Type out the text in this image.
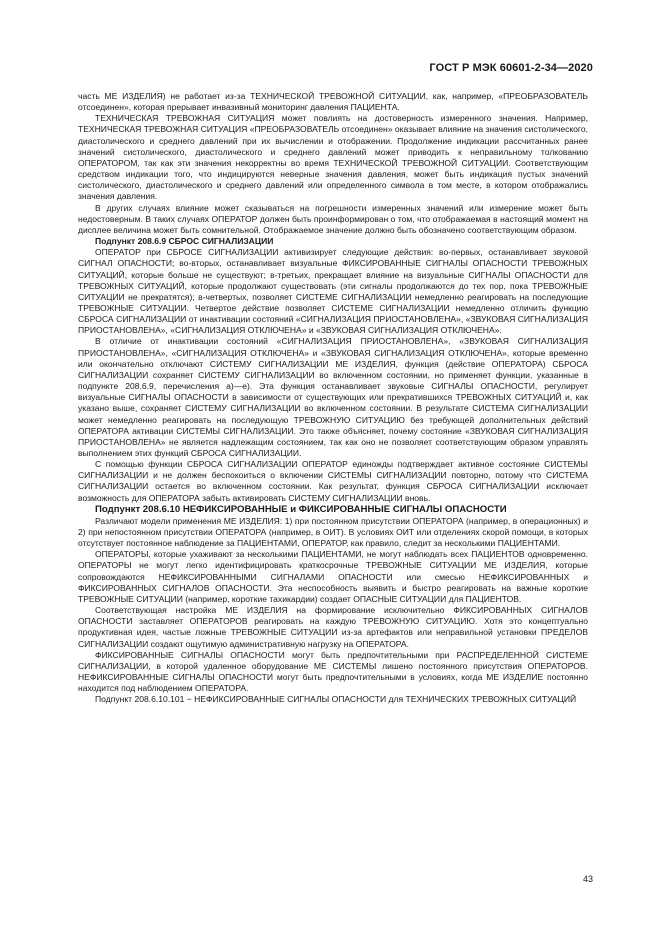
ГОСТ Р МЭК 60601-2-34—2020

часть МЕ ИЗДЕЛИЯ) не работает из-за ТЕХНИЧЕСКОЙ ТРЕВОЖНОЙ СИТУАЦИИ, как, например, «ПРЕОБРАЗОВАТЕЛЬ отсоединен», которая прерывает инвазивный мониторинг давления ПАЦИЕНТА.

ТЕХНИЧЕСКАЯ ТРЕВОЖНАЯ СИТУАЦИЯ может повлиять на достоверность измеренного значения. Например, ТЕХНИЧЕСКАЯ ТРЕВОЖНАЯ СИТУАЦИЯ «ПРЕОБРАЗОВАТЕЛЬ отсоединен» оказывает влияние на значения систолического, диастолического и среднего давлений при их вычислении и отображении. Продолжение индикации рассчитанных ранее значений систолического, диастолического и среднего давлений может приводить к неправильному толкованию ОПЕРАТОРОМ, так как эти значения некорректны во время ТЕХНИЧЕСКОЙ ТРЕВОЖНОЙ СИТУАЦИИ. Соответствующим средством индикации того, что индицируются неверные значения давления, может быть индикация пустых значений систолического, диастолического и среднего давлений или определенного символа в том месте, в котором отображались значения давления.

В других случаях влияние может сказываться на погрешности измеренных значений или измерение может быть недостоверным. В таких случаях ОПЕРАТОР должен быть проинформирован о том, что отображаемая в настоящий момент на дисплее величина может быть сомнительной. Отображаемое значение должно быть обозначено соответствующим образом.

Подпункт 208.6.9 СБРОС СИГНАЛИЗАЦИИ

ОПЕРАТОР при СБРОСЕ СИГНАЛИЗАЦИИ активизирует следующие действия: во-первых, останавливает звуковой СИГНАЛ ОПАСНОСТИ; во-вторых, останавливает визуальные ФИКСИРОВАННЫЕ СИГНАЛЫ ОПАСНОСТИ ТРЕВОЖНЫХ СИТУАЦИЙ, которые больше не существуют; в-третьих, прекращает влияние на визуальные СИГНАЛЫ ОПАСНОСТИ для ТРЕВОЖНЫХ СИТУАЦИЙ, которые продолжают существовать (эти сигналы продолжаются до тех пор, пока ТРЕВОЖНЫЕ СИТУАЦИИ не прекратятся); в-четвертых, позволяет СИСТЕМЕ СИГНАЛИЗАЦИИ немедленно реагировать на последующие ТРЕВОЖНЫЕ СИТУАЦИИ. Четвертое действие позволяет СИСТЕМЕ СИГНАЛИЗАЦИИ немедленно отличить функцию СБРОСА СИГНАЛИЗАЦИИ от инактивации состояний «СИГНАЛИЗАЦИЯ ПРИОСТАНОВЛЕНА», «ЗВУКОВАЯ СИГНАЛИЗАЦИЯ ПРИОСТАНОВЛЕНА», «СИГНАЛИЗАЦИЯ ОТКЛЮЧЕНА» и «ЗВУКОВАЯ СИГНАЛИЗАЦИЯ ОТКЛЮЧЕНА».

В отличие от инактивации состояний «СИГНАЛИЗАЦИЯ ПРИОСТАНОВЛЕНА», «ЗВУКОВАЯ СИГНАЛИЗАЦИЯ ПРИОСТАНОВЛЕНА», «СИГНАЛИЗАЦИЯ ОТКЛЮЧЕНА» и «ЗВУКОВАЯ СИГНАЛИЗАЦИЯ ОТКЛЮЧЕНА», которые временно или окончательно отключают СИСТЕМУ СИГНАЛИЗАЦИИ МЕ ИЗДЕЛИЯ, функция (действие ОПЕРАТОРА) СБРОСА СИГНАЛИЗАЦИИ сохраняет СИСТЕМУ СИГНАЛИЗАЦИИ во включенном состоянии, но применяет функции, указанные в подпункте 208.6.9, перечисления а)—е). Эта функция останавливает звуковые СИГНАЛЫ ОПАСНОСТИ, регулирует визуальные СИГНАЛЫ ОПАСНОСТИ в зависимости от существующих или прекратившихся ТРЕВОЖНЫХ СИТУАЦИЙ и, как указано выше, сохраняет СИСТЕМУ СИГНАЛИЗАЦИИ во включенном состоянии. В результате СИСТЕМА СИГНАЛИЗАЦИИ может немедленно реагировать на последующую ТРЕВОЖНУЮ СИТУАЦИЮ без требующей дополнительных действий ОПЕРАТОРА активации СИСТЕМЫ СИГНАЛИЗАЦИИ. Это также объясняет, почему состояние «ЗВУКОВАЯ СИГНАЛИЗАЦИЯ ПРИОСТАНОВЛЕНА» не является надлежащим состоянием, так как оно не позволяет соответствующим образом управлять выполнением этих функций СБРОСА СИГНАЛИЗАЦИИ.

С помощью функции СБРОСА СИГНАЛИЗАЦИИ ОПЕРАТОР единожды подтверждает активное состояние СИСТЕМЫ СИГНАЛИЗАЦИИ и не должен беспокоиться о включении СИСТЕМЫ СИГНАЛИЗАЦИИ повторно, потому что СИСТЕМА СИГНАЛИЗАЦИИ остается во включенном состоянии. Как результат, функция СБРОСА СИГНАЛИЗАЦИИ исключает возможность для ОПЕРАТОРА забыть активировать СИСТЕМУ СИГНАЛИЗАЦИИ вновь.

Подпункт 208.6.10 НЕФИКСИРОВАННЫЕ и ФИКСИРОВАННЫЕ СИГНАЛЫ ОПАСНОСТИ

Различают модели применения МЕ ИЗДЕЛИЯ: 1) при постоянном присутствии ОПЕРАТОРА (например, в операционных) и 2) при непостоянном присутствии ОПЕРАТОРА (например, в ОИТ). В условиях ОИТ или отделениях скорой помощи, в которых отсутствует постоянное наблюдение за ПАЦИЕНТАМИ, ОПЕРАТОР, как правило, следит за несколькими ПАЦИЕНТАМИ.

ОПЕРАТОРЫ, которые ухаживают за несколькими ПАЦИЕНТАМИ, не могут наблюдать всех ПАЦИЕНТОВ одновременно. ОПЕРАТОРЫ не могут легко идентифицировать краткосрочные ТРЕВОЖНЫЕ СИТУАЦИИ МЕ ИЗДЕЛИЯ, которые сопровождаются НЕФИКСИРОВАННЫМИ СИГНАЛАМИ ОПАСНОСТИ или смесью НЕФИКСИРОВАННЫХ и ФИКСИРОВАННЫХ СИГНАЛОВ ОПАСНОСТИ. Эта неспособность выявить и быстро реагировать на важные короткие ТРЕВОЖНЫЕ СИТУАЦИИ (например, короткие тахикардии) создает ОПАСНЫЕ СИТУАЦИИ для ПАЦИЕНТОВ.

Соответствующая настройка МЕ ИЗДЕЛИЯ на формирование исключительно ФИКСИРОВАННЫХ СИГНАЛОВ ОПАСНОСТИ заставляет ОПЕРАТОРОВ реагировать на каждую ТРЕВОЖНУЮ СИТУАЦИЮ. Хотя это концептуально продуктивная идея, частые ложные ТРЕВОЖНЫЕ СИТУАЦИИ из-за артефактов или неправильной установки ПРЕДЕЛОВ СИГНАЛИЗАЦИИ создают ощутимую административную нагрузку на ОПЕРАТОРА.

ФИКСИРОВАННЫЕ СИГНАЛЫ ОПАСНОСТИ могут быть предпочтительными при РАСПРЕДЕЛЕННОЙ СИСТЕМЕ СИГНАЛИЗАЦИИ, в которой удаленное оборудование МЕ СИСТЕМЫ лишено постоянного присутствия ОПЕРАТОРОВ. НЕФИКСИРОВАННЫЕ СИГНАЛЫ ОПАСНОСТИ могут быть предпочтительными в условиях, когда МЕ ИЗДЕЛИЕ постоянно находится под наблюдением ОПЕРАТОРА.

Подпункт 208.6.10.101 − НЕФИКСИРОВАННЫЕ СИГНАЛЫ ОПАСНОСТИ для ТЕХНИЧЕСКИХ ТРЕВОЖНЫХ СИТУАЦИЙ

43
